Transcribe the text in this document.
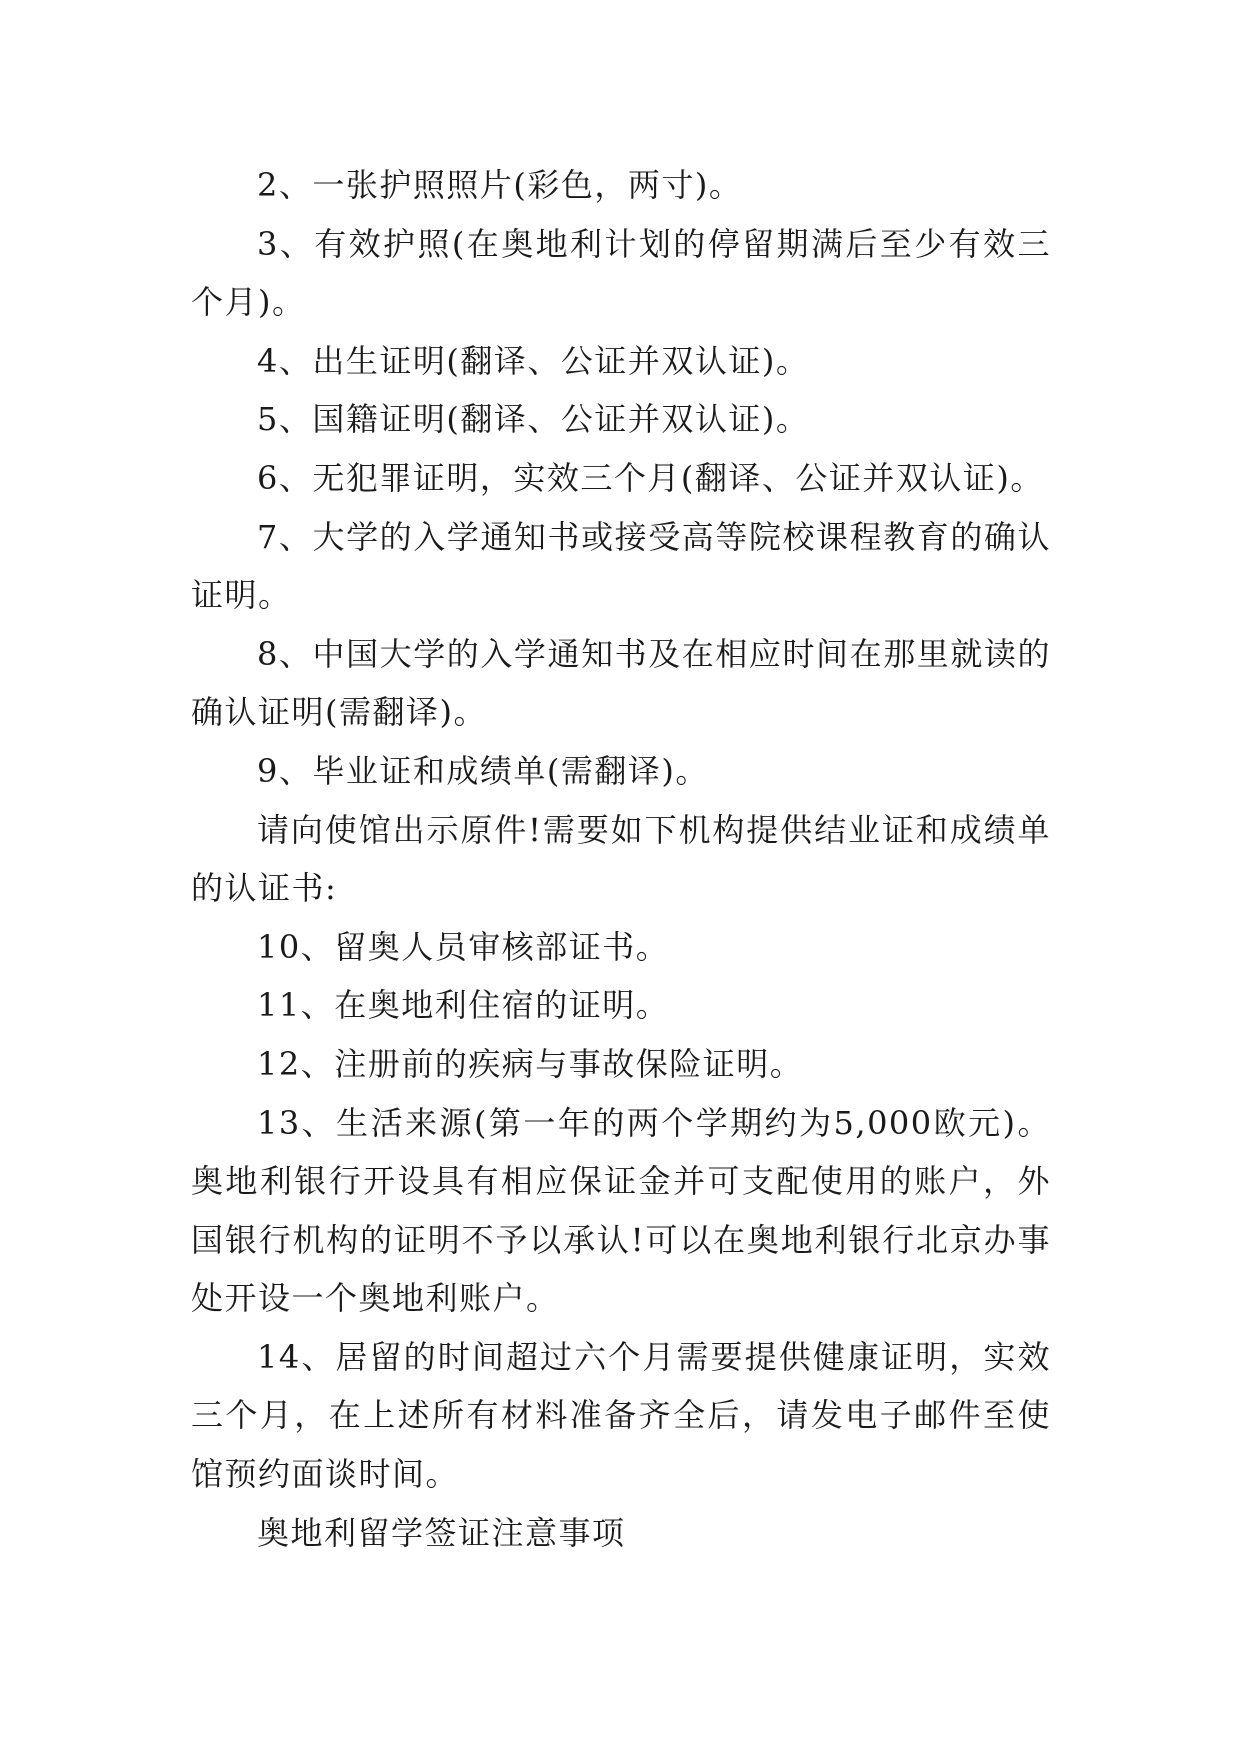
2、一张护照照片(彩色，两寸)。

3、有效护照(在奥地利计划的停留期满后至少有效三个月)。

4、出生证明(翻译、公证并双认证)。

5、国籍证明(翻译、公证并双认证)。

6、无犯罪证明，实效三个月(翻译、公证并双认证)。

7、大学的入学通知书或接受高等院校课程教育的确认证明。

8、中国大学的入学通知书及在相应时间在那里就读的确认证明(需翻译)。

9、毕业证和成绩单(需翻译)。

请向使馆出示原件!需要如下机构提供结业证和成绩单的认证书:

10、留奥人员审核部证书。

11、在奥地利住宿的证明。

12、注册前的疾病与事故保险证明。

13、生活来源(第一年的两个学期约为5,000欧元)。奥地利银行开设具有相应保证金并可支配使用的账户，外国银行机构的证明不予以承认!可以在奥地利银行北京办事处开设一个奥地利账户。

14、居留的时间超过六个月需要提供健康证明，实效三个月，在上述所有材料准备齐全后，请发电子邮件至使馆预约面谈时间。

奥地利留学签证注意事项
